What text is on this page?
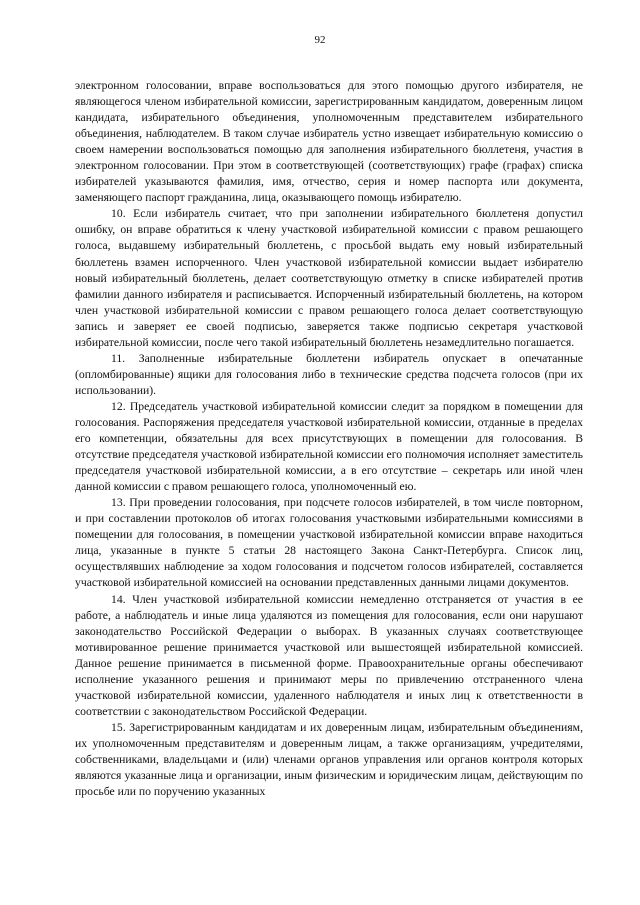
92

электронном голосовании, вправе воспользоваться для этого помощью другого избирателя, не являющегося членом избирательной комиссии, зарегистрированным кандидатом, доверенным лицом кандидата, избирательного объединения, уполномоченным представителем избирательного объединения, наблюдателем. В таком случае избиратель устно извещает избирательную комиссию о своем намерении воспользоваться помощью для заполнения избирательного бюллетеня, участия в электронном голосовании. При этом в соответствующей (соответствующих) графе (графах) списка избирателей указываются фамилия, имя, отчество, серия и номер паспорта или документа, заменяющего паспорт гражданина, лица, оказывающего помощь избирателю.

10. Если избиратель считает, что при заполнении избирательного бюллетеня допустил ошибку, он вправе обратиться к члену участковой избирательной комиссии с правом решающего голоса, выдавшему избирательный бюллетень, с просьбой выдать ему новый избирательный бюллетень взамен испорченного. Член участковой избирательной комиссии выдает избирателю новый избирательный бюллетень, делает соответствующую отметку в списке избирателей против фамилии данного избирателя и расписывается. Испорченный избирательный бюллетень, на котором член участковой избирательной комиссии с правом решающего голоса делает соответствующую запись и заверяет ее своей подписью, заверяется также подписью секретаря участковой избирательной комиссии, после чего такой избирательный бюллетень незамедлительно погашается.

11. Заполненные избирательные бюллетени избиратель опускает в опечатанные (опломбированные) ящики для голосования либо в технические средства подсчета голосов (при их использовании).

12. Председатель участковой избирательной комиссии следит за порядком в помещении для голосования. Распоряжения председателя участковой избирательной комиссии, отданные в пределах его компетенции, обязательны для всех присутствующих в помещении для голосования. В отсутствие председателя участковой избирательной комиссии его полномочия исполняет заместитель председателя участковой избирательной комиссии, а в его отсутствие – секретарь или иной член данной комиссии с правом решающего голоса, уполномоченный ею.

13. При проведении голосования, при подсчете голосов избирателей, в том числе повторном, и при составлении протоколов об итогах голосования участковыми избирательными комиссиями в помещении для голосования, в помещении участковой избирательной комиссии вправе находиться лица, указанные в пункте 5 статьи 28 настоящего Закона Санкт-Петербурга. Список лиц, осуществлявших наблюдение за ходом голосования и подсчетом голосов избирателей, составляется участковой избирательной комиссией на основании представленных данными лицами документов.

14. Член участковой избирательной комиссии немедленно отстраняется от участия в ее работе, а наблюдатель и иные лица удаляются из помещения для голосования, если они нарушают законодательство Российской Федерации о выборах. В указанных случаях соответствующее мотивированное решение принимается участковой или вышестоящей избирательной комиссией. Данное решение принимается в письменной форме. Правоохранительные органы обеспечивают исполнение указанного решения и принимают меры по привлечению отстраненного члена участковой избирательной комиссии, удаленного наблюдателя и иных лиц к ответственности в соответствии с законодательством Российской Федерации.

15. Зарегистрированным кандидатам и их доверенным лицам, избирательным объединениям, их уполномоченным представителям и доверенным лицам, а также организациям, учредителями, собственниками, владельцами и (или) членами органов управления или органов контроля которых являются указанные лица и организации, иным физическим и юридическим лицам, действующим по просьбе или по поручению указанных
